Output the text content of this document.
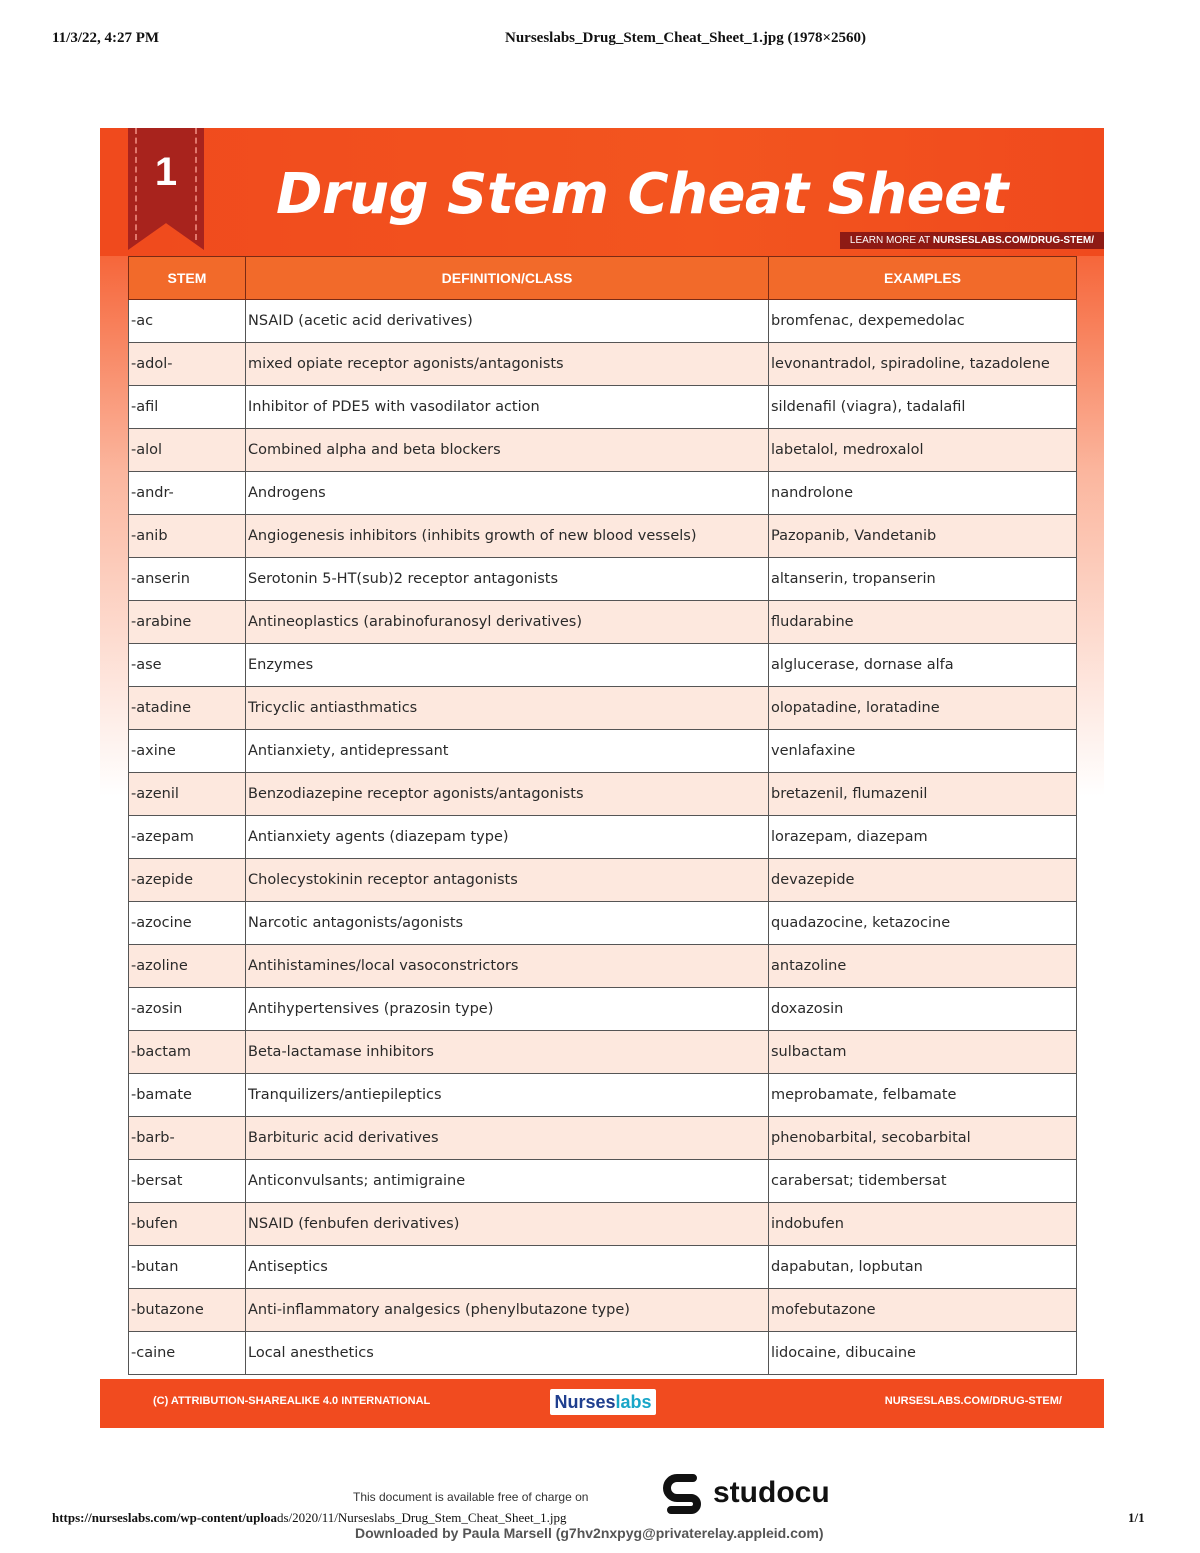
11/3/22, 4:27 PM	Nurseslabs_Drug_Stem_Cheat_Sheet_1.jpg (1978×2560)
1	Drug Stem Cheat Sheet
LEARN MORE AT NURSESLABS.COM/DRUG-STEM/
STEM	DEFINITION/CLASS	EXAMPLES
-ac	NSAID (acetic acid derivatives)	bromfenac, dexpemedolac
-adol-	mixed opiate receptor agonists/antagonists	levonantradol, spiradoline, tazadolene
-afil	Inhibitor of PDE5 with vasodilator action	sildenafil (viagra), tadalafil
-alol	Combined alpha and beta blockers	labetalol, medroxalol
-andr-	Androgens	nandrolone
-anib	Angiogenesis inhibitors (inhibits growth of new blood vessels)	Pazopanib, Vandetanib
-anserin	Serotonin 5-HT(sub)2 receptor antagonists	altanserin, tropanserin
-arabine	Antineoplastics (arabinofuranosyl derivatives)	fludarabine
-ase	Enzymes	alglucerase, dornase alfa
-atadine	Tricyclic antiasthmatics	olopatadine, loratadine
-axine	Antianxiety, antidepressant	venlafaxine
-azenil	Benzodiazepine receptor agonists/antagonists	bretazenil, flumazenil
-azepam	Antianxiety agents (diazepam type)	lorazepam, diazepam
-azepide	Cholecystokinin receptor antagonists	devazepide
-azocine	Narcotic antagonists/agonists	quadazocine, ketazocine
-azoline	Antihistamines/local vasoconstrictors	antazoline
-azosin	Antihypertensives (prazosin type)	doxazosin
-bactam	Beta-lactamase inhibitors	sulbactam
-bamate	Tranquilizers/antiepileptics	meprobamate, felbamate
-barb-	Barbituric acid derivatives	phenobarbital, secobarbital
-bersat	Anticonvulsants; antimigraine	carabersat; tidembersat
-bufen	NSAID (fenbufen derivatives)	indobufen
-butan	Antiseptics	dapabutan, lopbutan
-butazone	Anti-inflammatory analgesics (phenylbutazone type)	mofebutazone
-caine	Local anesthetics	lidocaine, dibucaine
(C) ATTRIBUTION-SHAREALIKE 4.0 INTERNATIONAL	Nurseslabs	NURSESLABS.COM/DRUG-STEM/
This document is available free of charge on	studocu
https://nurseslabs.com/wp-content/uploads/2020/11/Nurseslabs_Drug_Stem_Cheat_Sheet_1.jpg	1/1
Downloaded by Paula Marsell (g7hv2nxpyg@privaterelay.appleid.com)
